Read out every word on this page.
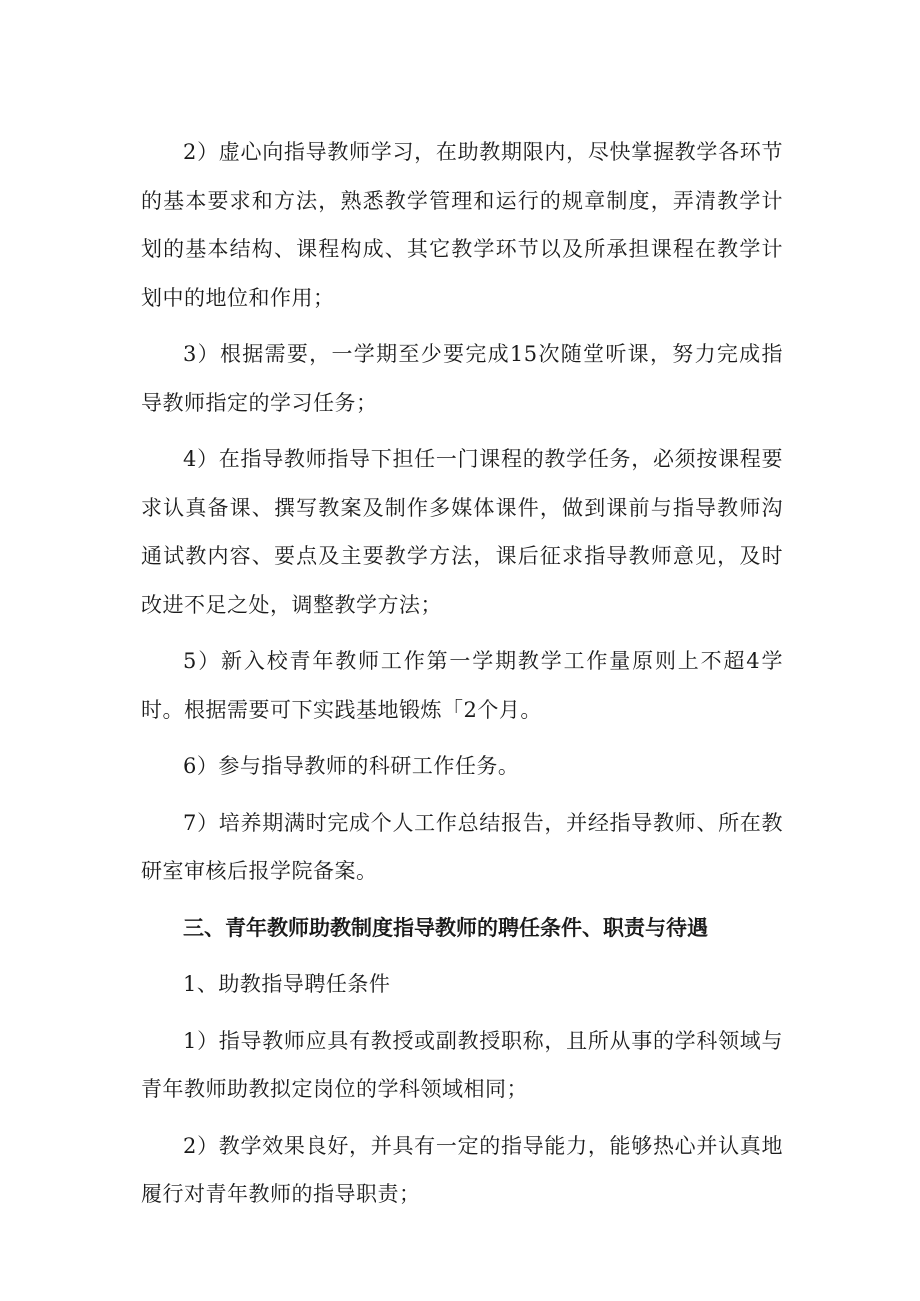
2）虚心向指导教师学习，在助教期限内，尽快掌握教学各环节的基本要求和方法，熟悉教学管理和运行的规章制度，弄清教学计划的基本结构、课程构成、其它教学环节以及所承担课程在教学计划中的地位和作用；

3）根据需要，一学期至少要完成15次随堂听课，努力完成指导教师指定的学习任务；

4）在指导教师指导下担任一门课程的教学任务，必须按课程要求认真备课、撰写教案及制作多媒体课件，做到课前与指导教师沟通试教内容、要点及主要教学方法，课后征求指导教师意见，及时改进不足之处，调整教学方法；

5）新入校青年教师工作第一学期教学工作量原则上不超4学时。根据需要可下实践基地锻炼「2个月。

6）参与指导教师的科研工作任务。

7）培养期满时完成个人工作总结报告，并经指导教师、所在教研室审核后报学院备案。

三、青年教师助教制度指导教师的聘任条件、职责与待遇

1、助教指导聘任条件

1）指导教师应具有教授或副教授职称，且所从事的学科领域与青年教师助教拟定岗位的学科领域相同；

2）教学效果良好，并具有一定的指导能力，能够热心并认真地履行对青年教师的指导职责；
